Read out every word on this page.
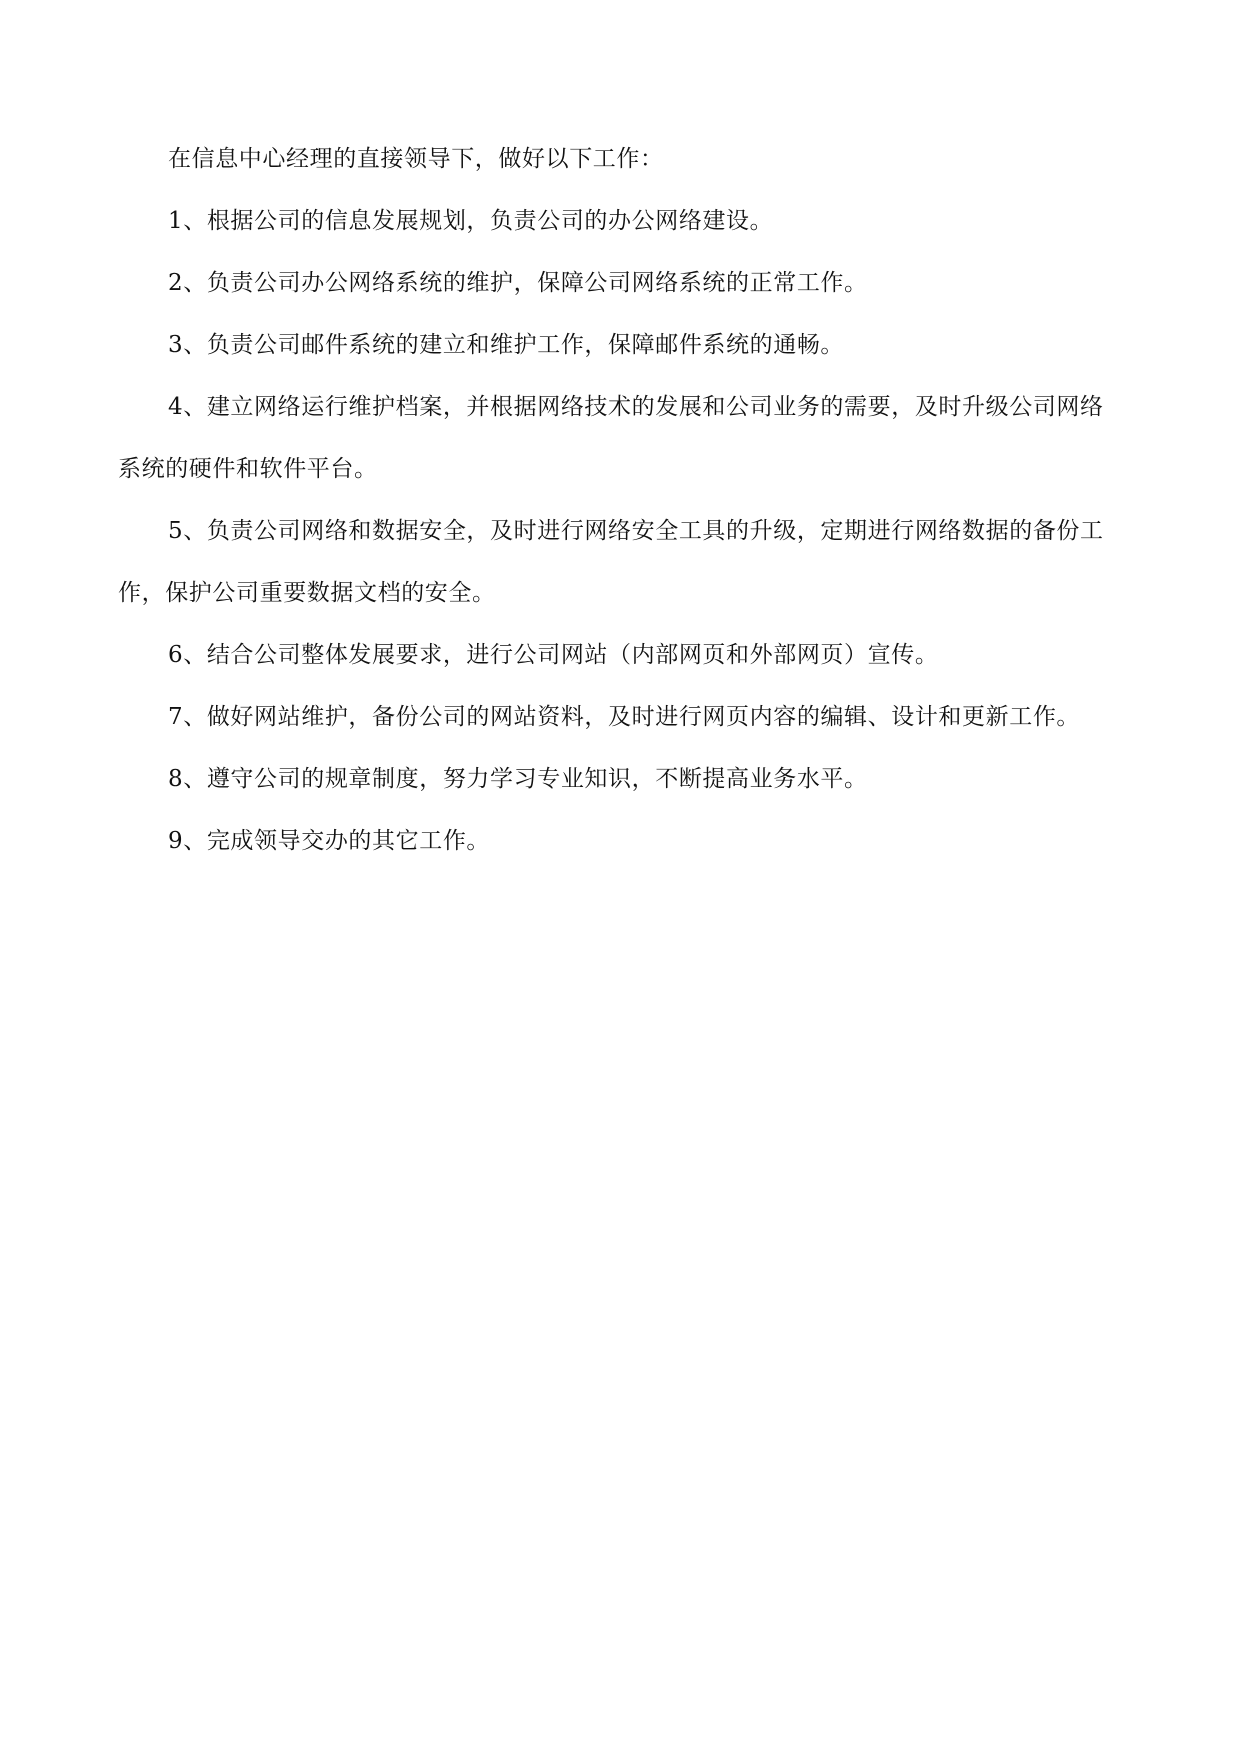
在信息中心经理的直接领导下，做好以下工作：

1、根据公司的信息发展规划，负责公司的办公网络建设。

2、负责公司办公网络系统的维护，保障公司网络系统的正常工作。

3、负责公司邮件系统的建立和维护工作，保障邮件系统的通畅。

4、建立网络运行维护档案，并根据网络技术的发展和公司业务的需要，及时升级公司网络系统的硬件和软件平台。

5、负责公司网络和数据安全，及时进行网络安全工具的升级，定期进行网络数据的备份工作，保护公司重要数据文档的安全。

6、结合公司整体发展要求，进行公司网站（内部网页和外部网页）宣传。

7、做好网站维护，备份公司的网站资料，及时进行网页内容的编辑、设计和更新工作。

8、遵守公司的规章制度，努力学习专业知识，不断提高业务水平。

9、完成领导交办的其它工作。
